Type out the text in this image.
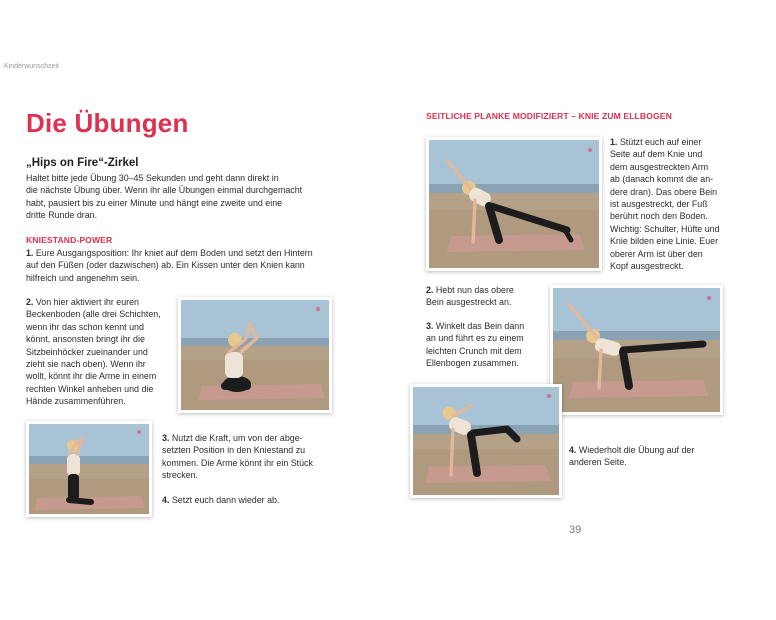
Kinderwunschzeit
Die Übungen
„Hips on Fire“-Zirkel
Haltet bitte jede Übung 30–45 Sekunden und geht dann direkt in
die nächste Übung über. Wenn ihr alle Übungen einmal durchgemacht
habt, pausiert bis zu einer Minute und hängt eine zweite und eine
dritte Runde dran.
KNIESTAND-POWER
1. Eure Ausgangsposition: Ihr kniet auf dem Boden und setzt den Hintern
auf den Füßen (oder dazwischen) ab. Ein Kissen unter den Knien kann
hilfreich und angenehm sein.
2. Von hier aktiviert ihr euren
Beckenboden (alle drei Schichten,
wenn ihr das schon kennt und
könnt, ansonsten bringt ihr die
Sitzbeinhöcker zueinander und
zieht sie nach oben). Wenn ihr
wollt, könnt ihr die Arme in einem
rechten Winkel anheben und die
Hände zusammenführen.
3. Nutzt die Kraft, um von der abge-
setzten Position in den Kniestand zu
kommen. Die Arme könnt ihr ein Stück
strecken.
4. Setzt euch dann wieder ab.
SEITLICHE PLANKE MODIFIZIERT – KNIE ZUM ELLBOGEN
1. Stützt euch auf einer
Seite auf dem Knie und
dem ausgestreckten Arm
ab (danach kommt die an-
dere dran). Das obere Bein
ist ausgestreckt, der Fuß
berührt noch den Boden.
Wichtig: Schulter, Hüfte und
Knie bilden eine Linie. Euer
oberer Arm ist über den
Kopf ausgestreckt.
2. Hebt nun das obere
Bein ausgestreckt an.
3. Winkelt das Bein dann
an und führt es zu einem
leichten Crunch mit dem
Ellenbogen zusammen.
4. Wiederholt die Übung auf der
anderen Seite.
39
